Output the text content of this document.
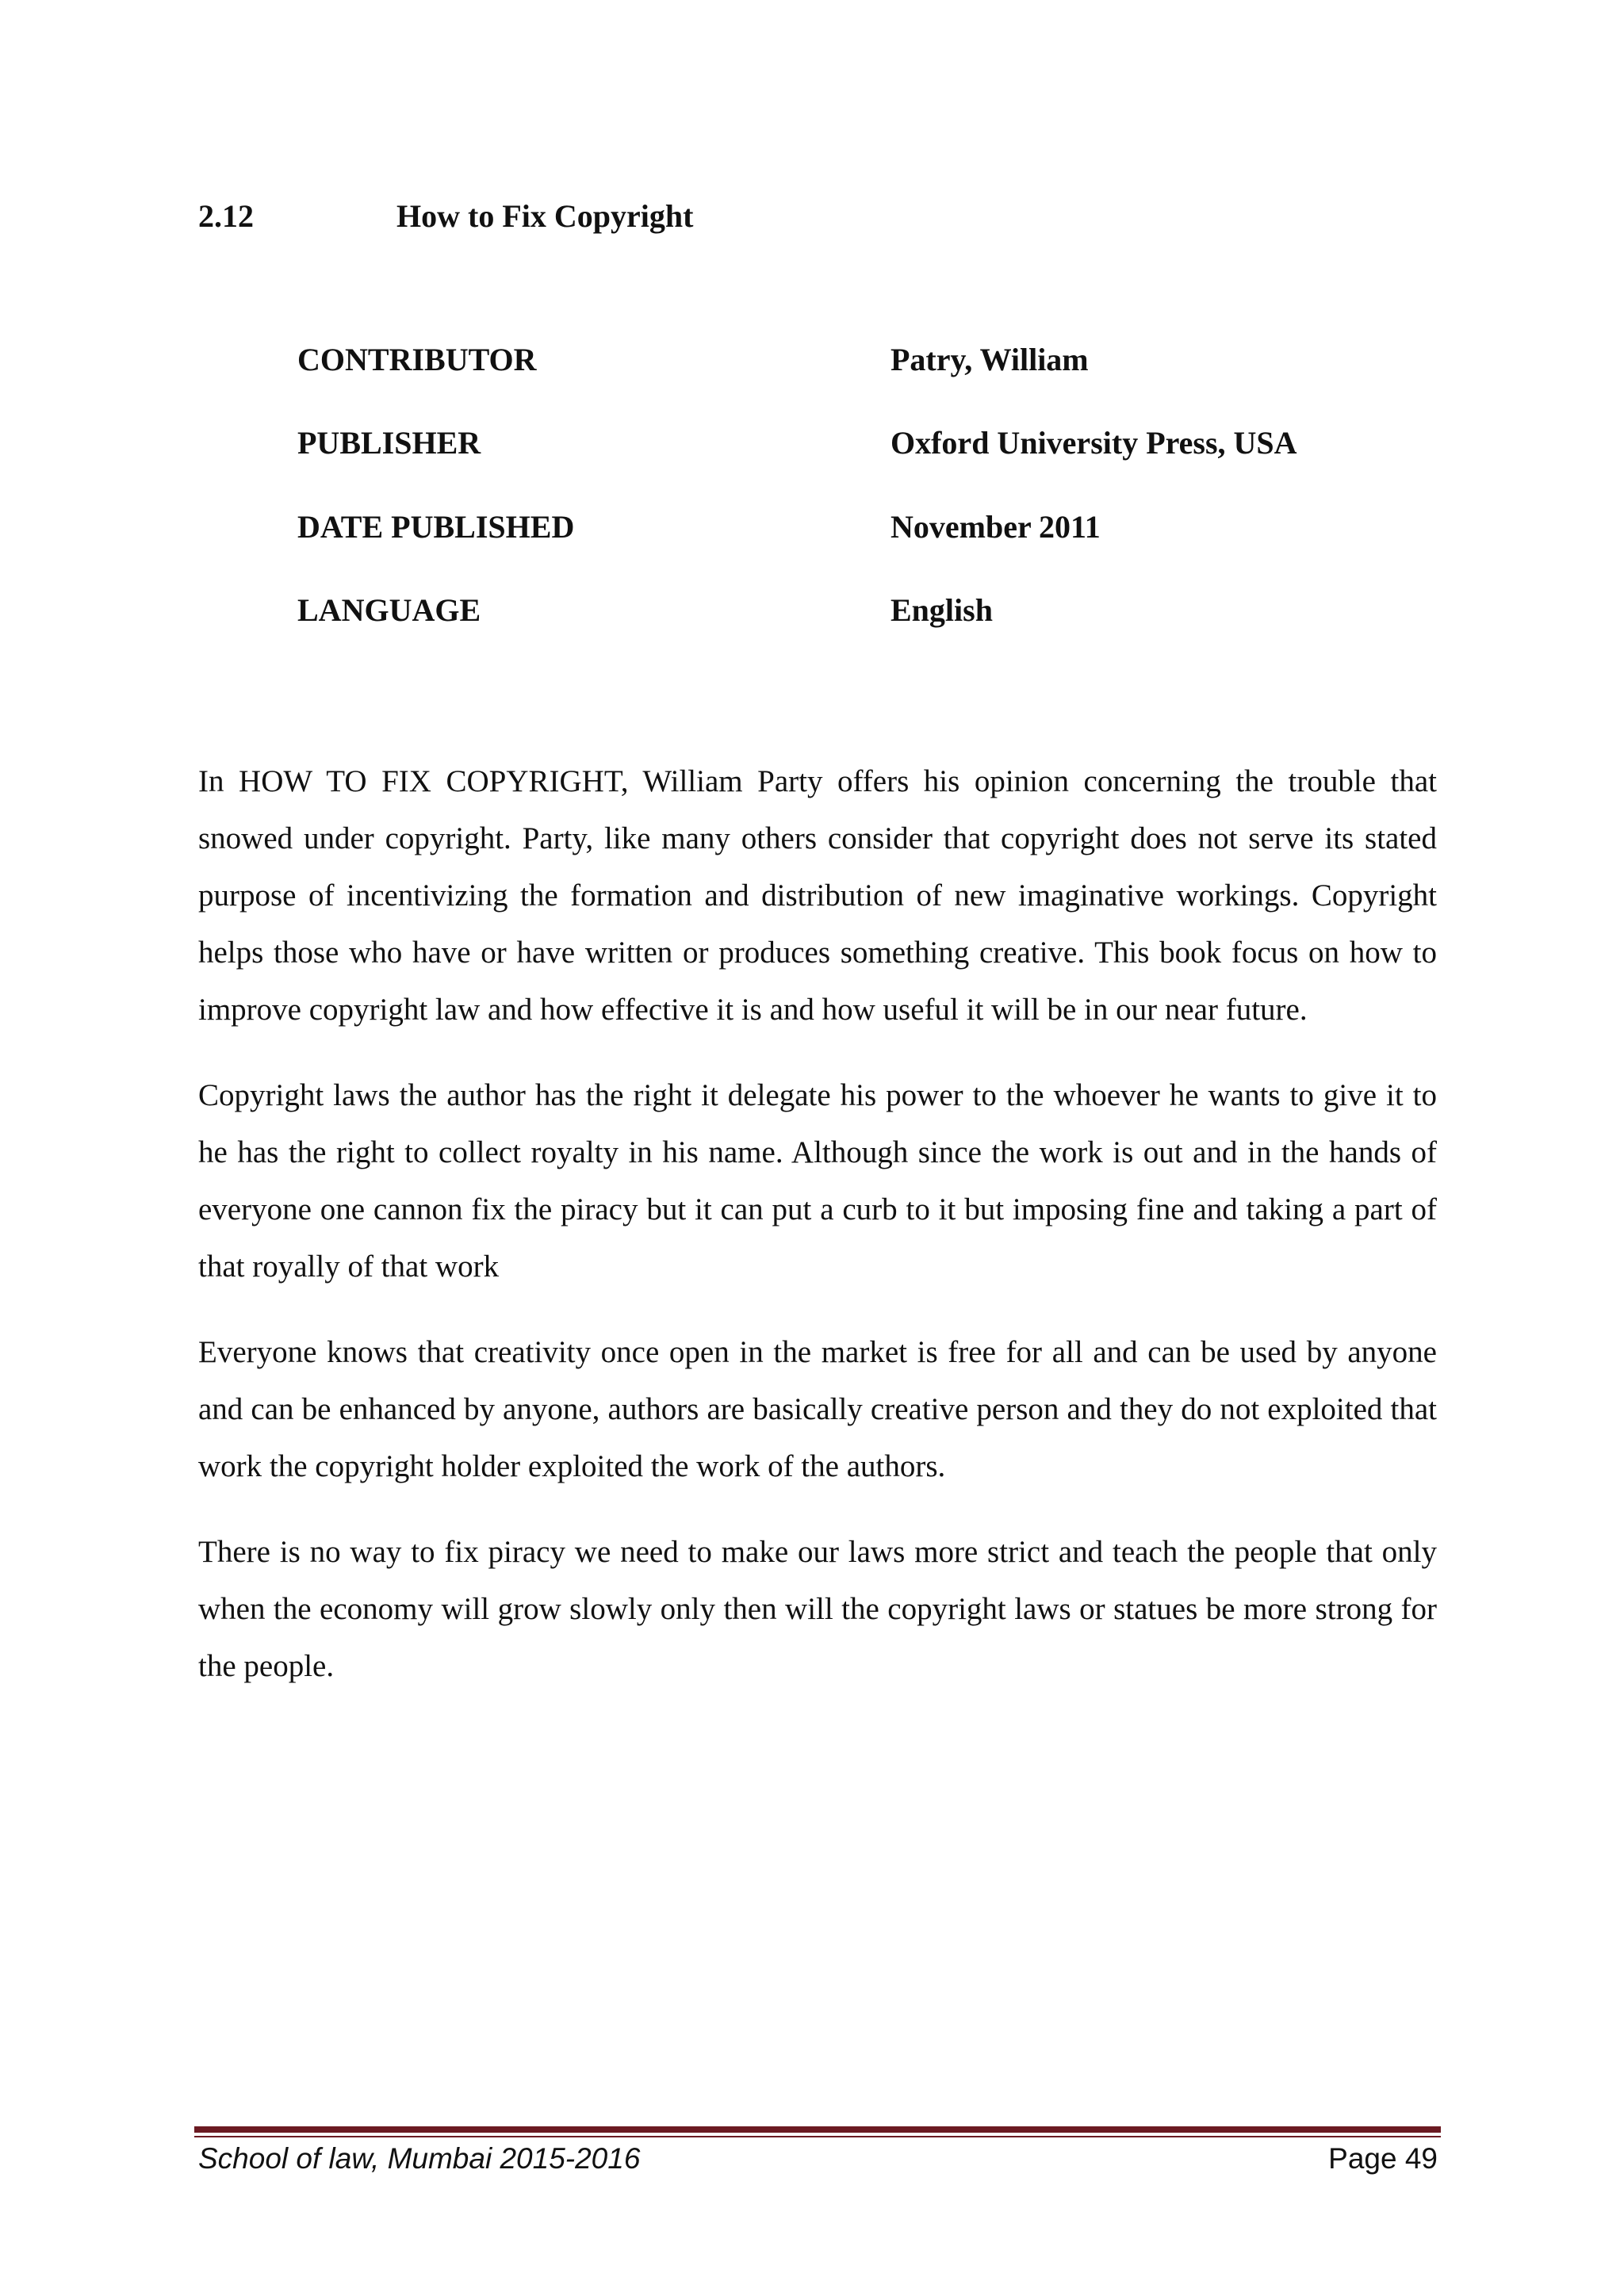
2.12	How to Fix Copyright
CONTRIBUTOR	Patry, William
PUBLISHER	Oxford University Press, USA
DATE PUBLISHED	November 2011
LANGUAGE	English

In HOW TO FIX COPYRIGHT, William Party offers his opinion concerning the trouble that snowed under copyright. Party, like many others consider that copyright does not serve its stated purpose of incentivizing the formation and distribution of new imaginative workings. Copyright helps those who have or have written or produces something creative. This book focus on how to improve copyright law and how effective it is and how useful it will be in our near future.

Copyright laws the author has the right it delegate his power to the whoever he wants to give it to he has the right to collect royalty in his name. Although since the work is out and in the hands of everyone one cannon fix the piracy but it can put a curb to it but imposing fine and taking a part of that royally of that work

Everyone knows that creativity once open in the market is free for all and can be used by anyone and can be enhanced by anyone, authors are basically creative person and they do not exploited that work the copyright holder exploited the work of the authors.

There is no way to fix piracy we need to make our laws more strict and teach the people that only when the economy will grow slowly only then will the copyright laws or statues be more strong for the people.

School of law, Mumbai 2015-2016	Page 49
